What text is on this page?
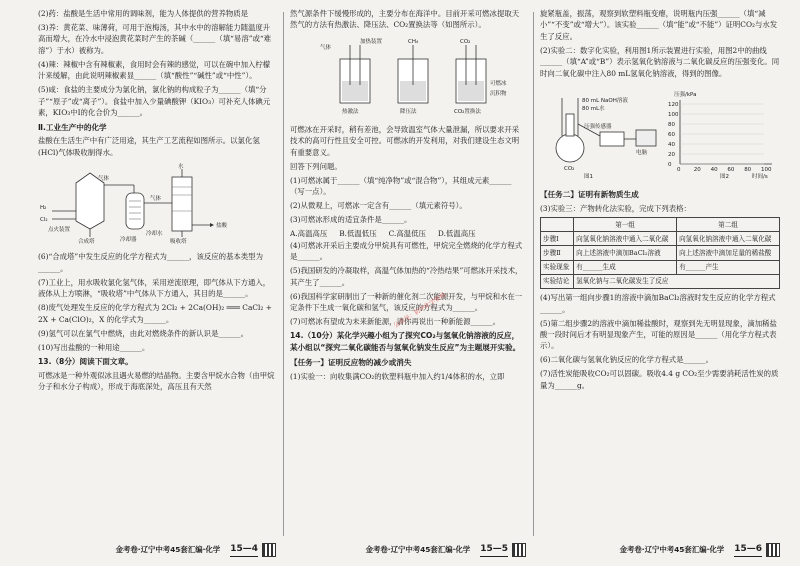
(2)药：盐酸是生活中常用的调味剂，能为人体提供的营养物质是

(3)养：黄花菜、味薄荷，可用于泡梅汤，其中水中的溶解能力随温度升高而增大，在冷水中浸泡黄花菜时产生的茶碱（______（填“易溶”或“难溶”）于水）被称为。

(4)辣：辣椒中含有辣椒素，食用时会有辣的感觉，可以在碗中加入柠檬汁来缓解，由此说明辣椒素显______（填“酸性”“碱性”或“中性”）。

(5)咸：食盐的主要成分为氯化钠，氯化钠的构成粒子为______（填“分子”“原子”或“离子”）。食盐中加入少量碘酸钾（KIO₃）可补充人体碘元素，KIO₃中I的化合价为______。

Ⅱ.工业生产中的化学

盐酸在生活生产中有广泛用途，其生产工艺流程如图所示。以氯化氢(HCl)气体吸收制得水。

气体
水
气体
盐酸
H₂
Cl₂
点火装置
合成塔	冷却器	吸收塔
冷却水

(6)“合成塔”中发生反应的化学方程式为______，该反应的基本类型为______。

(7)工业上，用水吸收氯化氢气体，采用逆流原理，即气体从下方通入，液体从上方喷淋，“吸收塔”中气体从下方通入，其目的是______。

(8)废气处理发生反应的化学方程式为 2Cl₂ + 2Ca(OH)₂ ═══ CaCl₂ + 2X + Ca(ClO)₂，X 的化学式为______。

(9)氢气可以在氯气中燃烧，由此对燃烧条件的新认识是______。

(10)写出盐酸的一种用途______。

13.（8分）阅读下面文章。

可燃冰是一种外观似冰且遇火易燃的结晶物。主要含甲烷水合物（由甲烷分子和水分子构成），形成于海底深处，高压且有天然

然气源条件下缓慢形成的，主要分布在海洋中。目前开采可燃冰提取天然气的方法有热激法、降压法、CO₂置换法等（如图所示）。

气体
加热装置	CH₄	CO₂
可燃冰
沉积物
热激法	降压法	CO₂置换法

可燃冰在开采时，稍有差池，会导致温室气体大量泄漏，所以要求开采技术的高可行性且安全可控。可燃冰的开发利用，对我们建设生态文明有重要意义。

回答下列问题。

(1)可燃冰属于______（填“纯净物”或“混合物”），其组成元素______（写一点）。

(2)从微观上，可燃冰一定含有______（填元素符号）。

(3)可燃冰形成的适宜条件是______。

A.高温高压 B.低温低压 C.高温低压 D.低温高压

(4)可燃冰开采后主要成分甲烷具有可燃性，甲烷完全燃烧的化学方程式是______。

(5)我国研发的冷凝取样，高温气体加热的“冷热结果”可燃冰开采技术，其产生了______。

(6)我国科学家研制出了一种新的催化剂二次能源开发，与甲烷和水在一定条件下生成一氧化碳和氢气，该反应的方程式为______。

(7)可燃冰有望成为未来新能源，请你再说出一种新能源______。

14.（10分）某化学兴趣小组为了探究CO₂与氢氧化钠溶液的反应，某小组以“探究二氧化碳能否与氢氧化钠发生反应”为主题展开实验。
【任务一】证明反应物的减少或消失

(1)实验一：向收集满CO₂的软塑料瓶中加入约1/4体积的水，立即

旋紧瓶盖，振荡，观察到软塑料瓶变瘪，说明瓶内压强______（填“减小”“不变”或“增大”）。该实验______（填“能”或“不能”）证明CO₂与水发生了反应。

(2)实验二：数字化实验，利用图1所示装置进行实验，用图2中的曲线______（填“A”或“B”）表示氢氧化钠溶液与二氧化碳反应的压强变化。同时向二氧化碳中注入80 mL氢氧化钠溶液，得到的图像。

80 mL NaOH溶液
80 mL水
压强传感器
电脑
CO₂
图1
0 20 40 60 80 100
0
20
40
60
80
100
120
压强/kPa
时间/s
图2
【任务二】证明有新物质生成

(3)实验三：产物转化法实验，完成下列表格：

	第一组	第二组
步骤Ⅰ	向氢氧化钠溶液中通入二氧化碳	向氢氧化钠溶液中通入二氧化碳
步骤Ⅱ	向上述溶液中滴加BaCl₂溶液	向上述溶液中滴加足量的稀盐酸
实验现象	有______生成	有______产生
实验结论	氢氧化钠与二氧化碳发生了反应	

(4)写出第一组向步骤1的溶液中滴加BaCl₂溶液时发生反应的化学方程式______。

(5)第二组步骤2的溶液中滴加稀盐酸时，观察到先无明显现象，滴加稀盐酸一段时间后才有明显现象产生，可能的原因是______（用化学方程式表示）。

(6)二氧化碳与氢氧化钠反应的化学方程式是______。

(7)活性炭能吸收CO₂可以固碳。吸收4.4 g CO₂至少需要消耗活性炭的质量为______g。

公众号：初中化学资料
金考卷·辽宁中考45套汇编·化学 15—4	金考卷·辽宁中考45套汇编·化学 15—5	金考卷·辽宁中考45套汇编·化学 15—6
